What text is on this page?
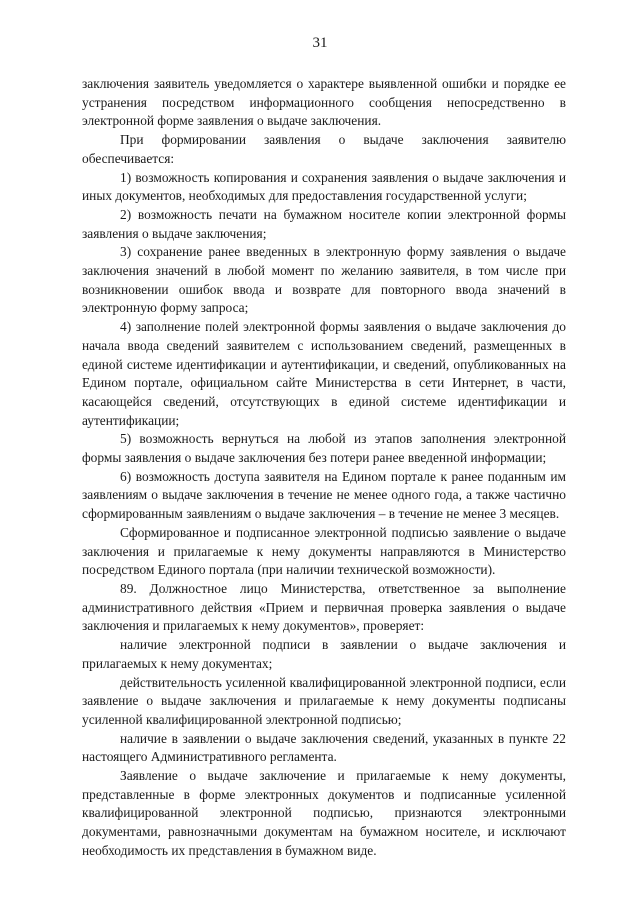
31

заключения заявитель уведомляется о характере выявленной ошибки и порядке ее устранения посредством информационного сообщения непосредственно в электронной форме заявления о выдаче заключения.

При формировании заявления о выдаче заключения заявителю обеспечивается:

1) возможность копирования и сохранения заявления о выдаче заключения и иных документов, необходимых для предоставления государственной услуги;

2) возможность печати на бумажном носителе копии электронной формы заявления о выдаче заключения;

3) сохранение ранее введенных в электронную форму заявления о выдаче заключения значений в любой момент по желанию заявителя, в том числе при возникновении ошибок ввода и возврате для повторного ввода значений в электронную форму запроса;

4) заполнение полей электронной формы заявления о выдаче заключения до начала ввода сведений заявителем с использованием сведений, размещенных в единой системе идентификации и аутентификации, и сведений, опубликованных на Едином портале, официальном сайте Министерства в сети Интернет, в части, касающейся сведений, отсутствующих в единой системе идентификации и аутентификации;

5) возможность вернуться на любой из этапов заполнения электронной формы заявления о выдаче заключения без потери ранее введенной информации;

6) возможность доступа заявителя на Едином портале к ранее поданным им заявлениям о выдаче заключения в течение не менее одного года, а также частично сформированным заявлениям о выдаче заключения – в течение не менее 3 месяцев.

Сформированное и подписанное электронной подписью заявление о выдаче заключения и прилагаемые к нему документы направляются в Министерство посредством Единого портала (при наличии технической возможности).

89. Должностное лицо Министерства, ответственное за выполнение административного действия «Прием и первичная проверка заявления о выдаче заключения и прилагаемых к нему документов», проверяет:

наличие электронной подписи в заявлении о выдаче заключения и прилагаемых к нему документах;

действительность усиленной квалифицированной электронной подписи, если заявление о выдаче заключения и прилагаемые к нему документы подписаны усиленной квалифицированной электронной подписью;

наличие в заявлении о выдаче заключения сведений, указанных в пункте 22 настоящего Административного регламента.

Заявление о выдаче заключение и прилагаемые к нему документы, представленные в форме электронных документов и подписанные усиленной квалифицированной электронной подписью, признаются электронными документами, равнозначными документам на бумажном носителе, и исключают необходимость их представления в бумажном виде.
